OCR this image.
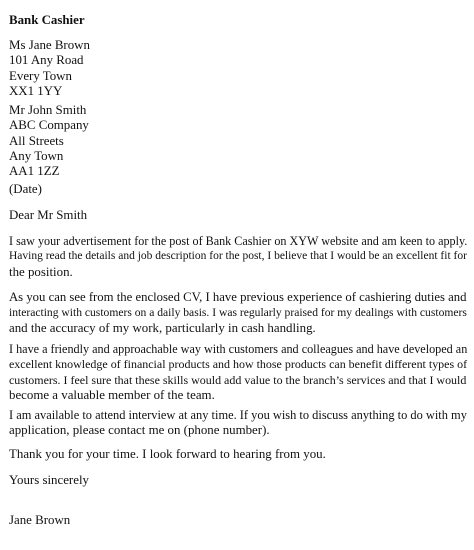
Bank Cashier
Ms Jane Brown
101 Any Road
Every Town
XX1 1YY
Mr John Smith
ABC Company
All Streets
Any Town
AA1 1ZZ
(Date)
Dear Mr Smith
I saw your advertisement for the post of Bank Cashier on XYW website and am keen to apply.
Having read the details and job description for the post, I believe that I would be an excellent fit for
the position.
As you can see from the enclosed CV, I have previous experience of cashiering duties and
interacting with customers on a daily basis. I was regularly praised for my dealings with customers
and the accuracy of my work, particularly in cash handling.
I have a friendly and approachable way with customers and colleagues and have developed an
excellent knowledge of financial products and how those products can benefit different types of
customers. I feel sure that these skills would add value to the branch’s services and that I would
become a valuable member of the team.
I am available to attend interview at any time. If you wish to discuss anything to do with my
application, please contact me on (phone number).
Thank you for your time. I look forward to hearing from you.
Yours sincerely
Jane Brown
